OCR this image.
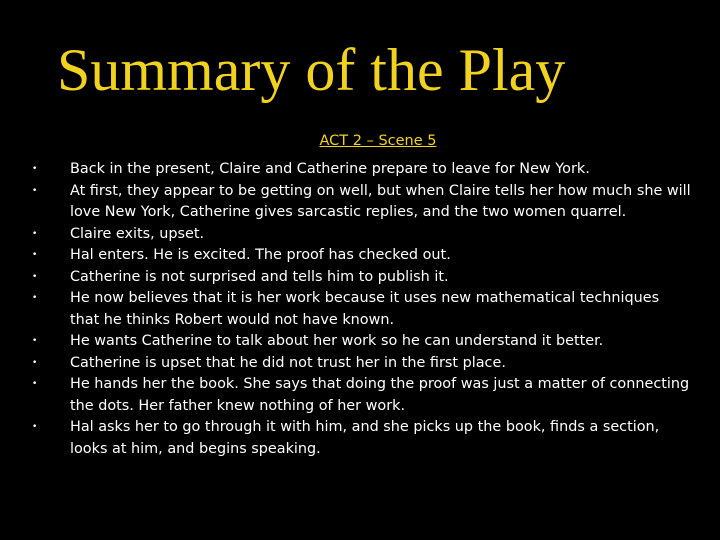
Summary of the Play
ACT 2 – Scene 5
• Back in the present, Claire and Catherine prepare to leave for New York.
• At first, they appear to be getting on well, but when Claire tells her how much she will love New York, Catherine gives sarcastic replies, and the two women quarrel.
• Claire exits, upset.
• Hal enters. He is excited. The proof has checked out.
• Catherine is not surprised and tells him to publish it.
• He now believes that it is her work because it uses new mathematical techniques that he thinks Robert would not have known.
• He wants Catherine to talk about her work so he can understand it better.
• Catherine is upset that he did not trust her in the first place.
• He hands her the book. She says that doing the proof was just a matter of connecting the dots. Her father knew nothing of her work.
• Hal asks her to go through it with him, and she picks up the book, finds a section, looks at him, and begins speaking.
